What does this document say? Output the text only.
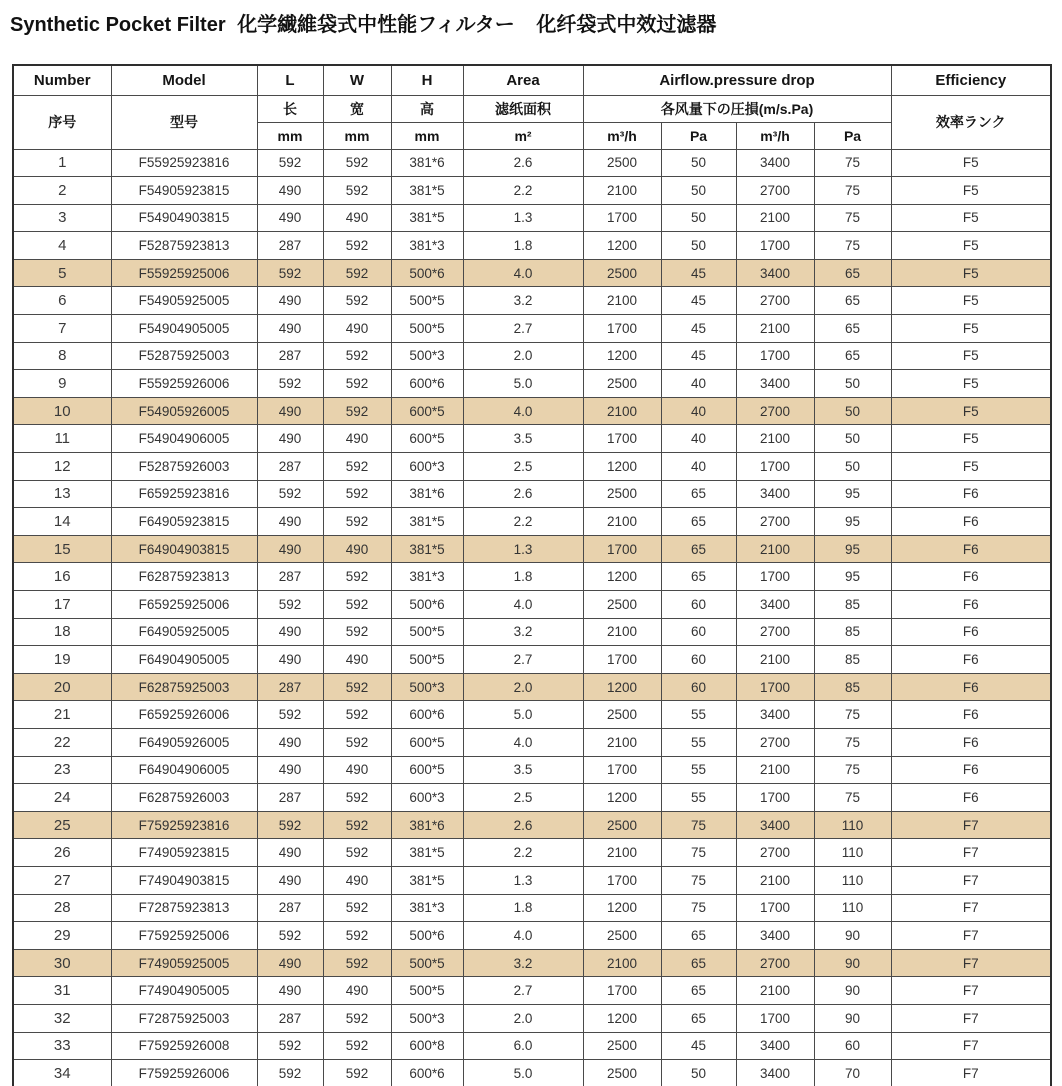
Synthetic Pocket Filter 化学繊維袋式中性能フィルター 化纤袋式中效过滤器
Number	Model	L	W	H	Area	Airflow.pressure drop				Efficiency
序号	型号	长	宽	高	滤纸面积	各风量下の圧損(m/s.Pa)				效率ランク
		mm	mm	mm	m²	m³/h	Pa	m³/h	Pa	
1	F55925923816	592	592	381*6	2.6	2500	50	3400	75	F5
2	F54905923815	490	592	381*5	2.2	2100	50	2700	75	F5
3	F54904903815	490	490	381*5	1.3	1700	50	2100	75	F5
4	F52875923813	287	592	381*3	1.8	1200	50	1700	75	F5
5	F55925925006	592	592	500*6	4.0	2500	45	3400	65	F5
6	F54905925005	490	592	500*5	3.2	2100	45	2700	65	F5
7	F54904905005	490	490	500*5	2.7	1700	45	2100	65	F5
8	F52875925003	287	592	500*3	2.0	1200	45	1700	65	F5
9	F55925926006	592	592	600*6	5.0	2500	40	3400	50	F5
10	F54905926005	490	592	600*5	4.0	2100	40	2700	50	F5
11	F54904906005	490	490	600*5	3.5	1700	40	2100	50	F5
12	F52875926003	287	592	600*3	2.5	1200	40	1700	50	F5
13	F65925923816	592	592	381*6	2.6	2500	65	3400	95	F6
14	F64905923815	490	592	381*5	2.2	2100	65	2700	95	F6
15	F64904903815	490	490	381*5	1.3	1700	65	2100	95	F6
16	F62875923813	287	592	381*3	1.8	1200	65	1700	95	F6
17	F65925925006	592	592	500*6	4.0	2500	60	3400	85	F6
18	F64905925005	490	592	500*5	3.2	2100	60	2700	85	F6
19	F64904905005	490	490	500*5	2.7	1700	60	2100	85	F6
20	F62875925003	287	592	500*3	2.0	1200	60	1700	85	F6
21	F65925926006	592	592	600*6	5.0	2500	55	3400	75	F6
22	F64905926005	490	592	600*5	4.0	2100	55	2700	75	F6
23	F64904906005	490	490	600*5	3.5	1700	55	2100	75	F6
24	F62875926003	287	592	600*3	2.5	1200	55	1700	75	F6
25	F75925923816	592	592	381*6	2.6	2500	75	3400	110	F7
26	F74905923815	490	592	381*5	2.2	2100	75	2700	110	F7
27	F74904903815	490	490	381*5	1.3	1700	75	2100	110	F7
28	F72875923813	287	592	381*3	1.8	1200	75	1700	110	F7
29	F75925925006	592	592	500*6	4.0	2500	65	3400	90	F7
30	F74905925005	490	592	500*5	3.2	2100	65	2700	90	F7
31	F74904905005	490	490	500*5	2.7	1700	65	2100	90	F7
32	F72875925003	287	592	500*3	2.0	1200	65	1700	90	F7
33	F75925926008	592	592	600*8	6.0	2500	45	3400	60	F7
34	F75925926006	592	592	600*6	5.0	2500	50	3400	70	F7
